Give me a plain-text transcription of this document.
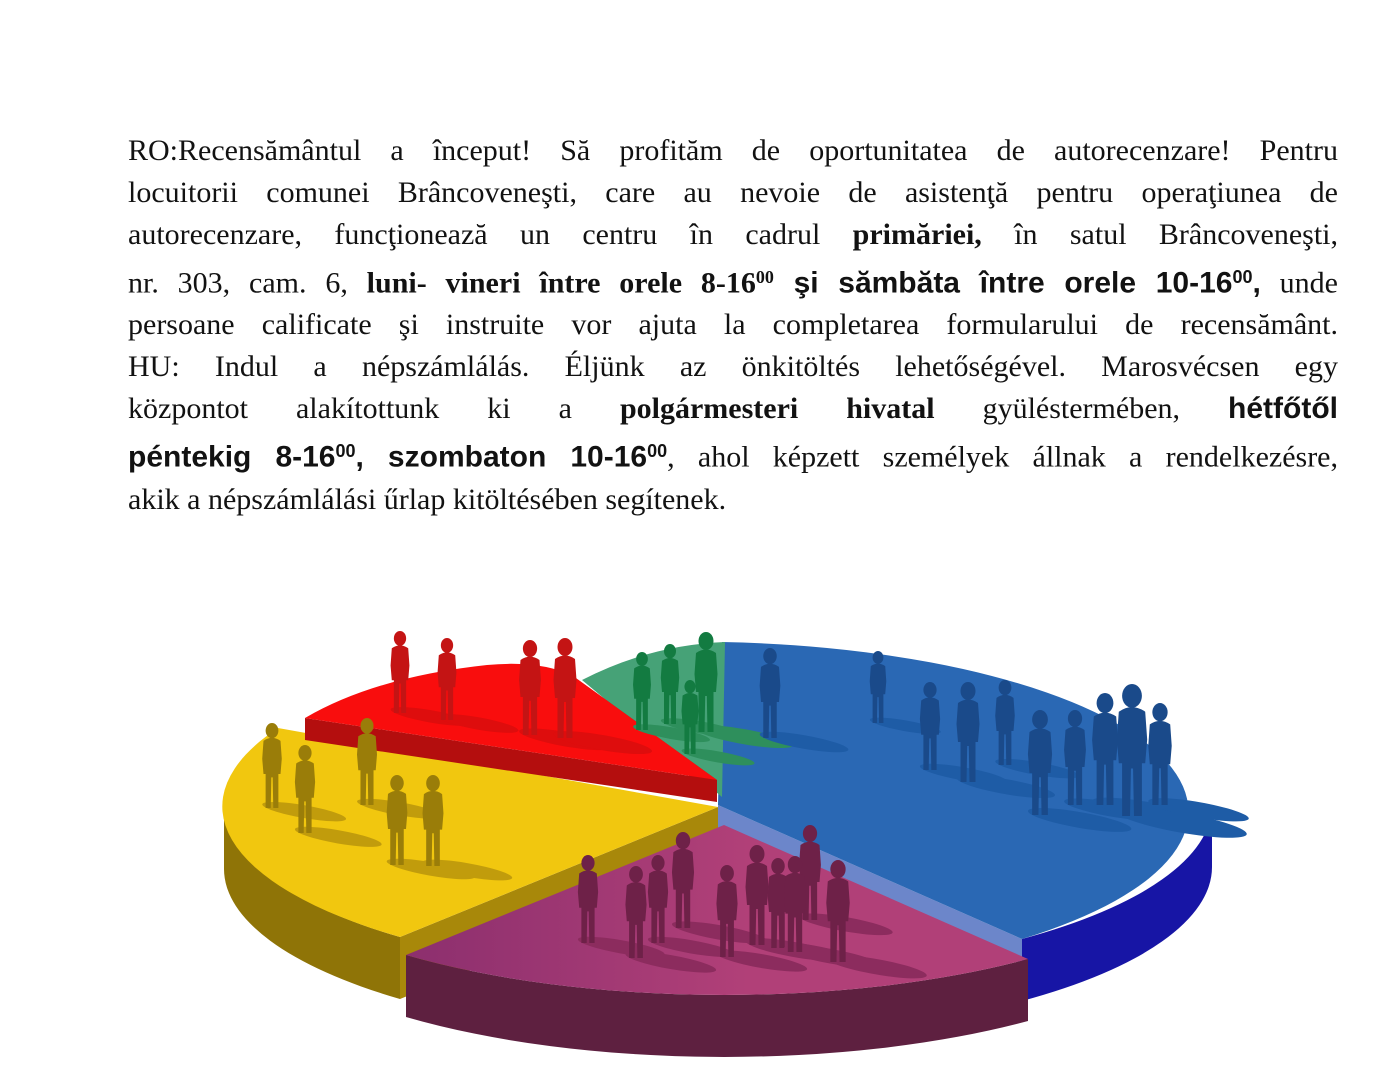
RO:Recensământul a început! Să profităm de oportunitatea de autorecenzare! Pentru
locuitorii comunei Brâncoveneşti, care au nevoie de asistenţă pentru operaţiunea de
autorecenzare, funcţionează un centru în cadrul primăriei, în satul Brâncoveneşti,
nr. 303, cam. 6, luni- vineri între orele $8-16^{00}$ şi sămbăta între orele $10-16^{00}$, unde
persoane calificate şi instruite vor ajuta la completarea formularului de recensământ.
HU: Indul a népszámlálás. Éljünk az önkitöltés lehetőségével. Marosvécsen egy
központot alakítottunk ki a polgármesteri hivatal gyüléstermében, hétfőtől
péntekig $8-16^{00}$, szombaton $10-16^{00}$, ahol képzett személyek állnak a rendelkezésre,
akik a népszámlálási űrlap kitöltésében segítenek.
